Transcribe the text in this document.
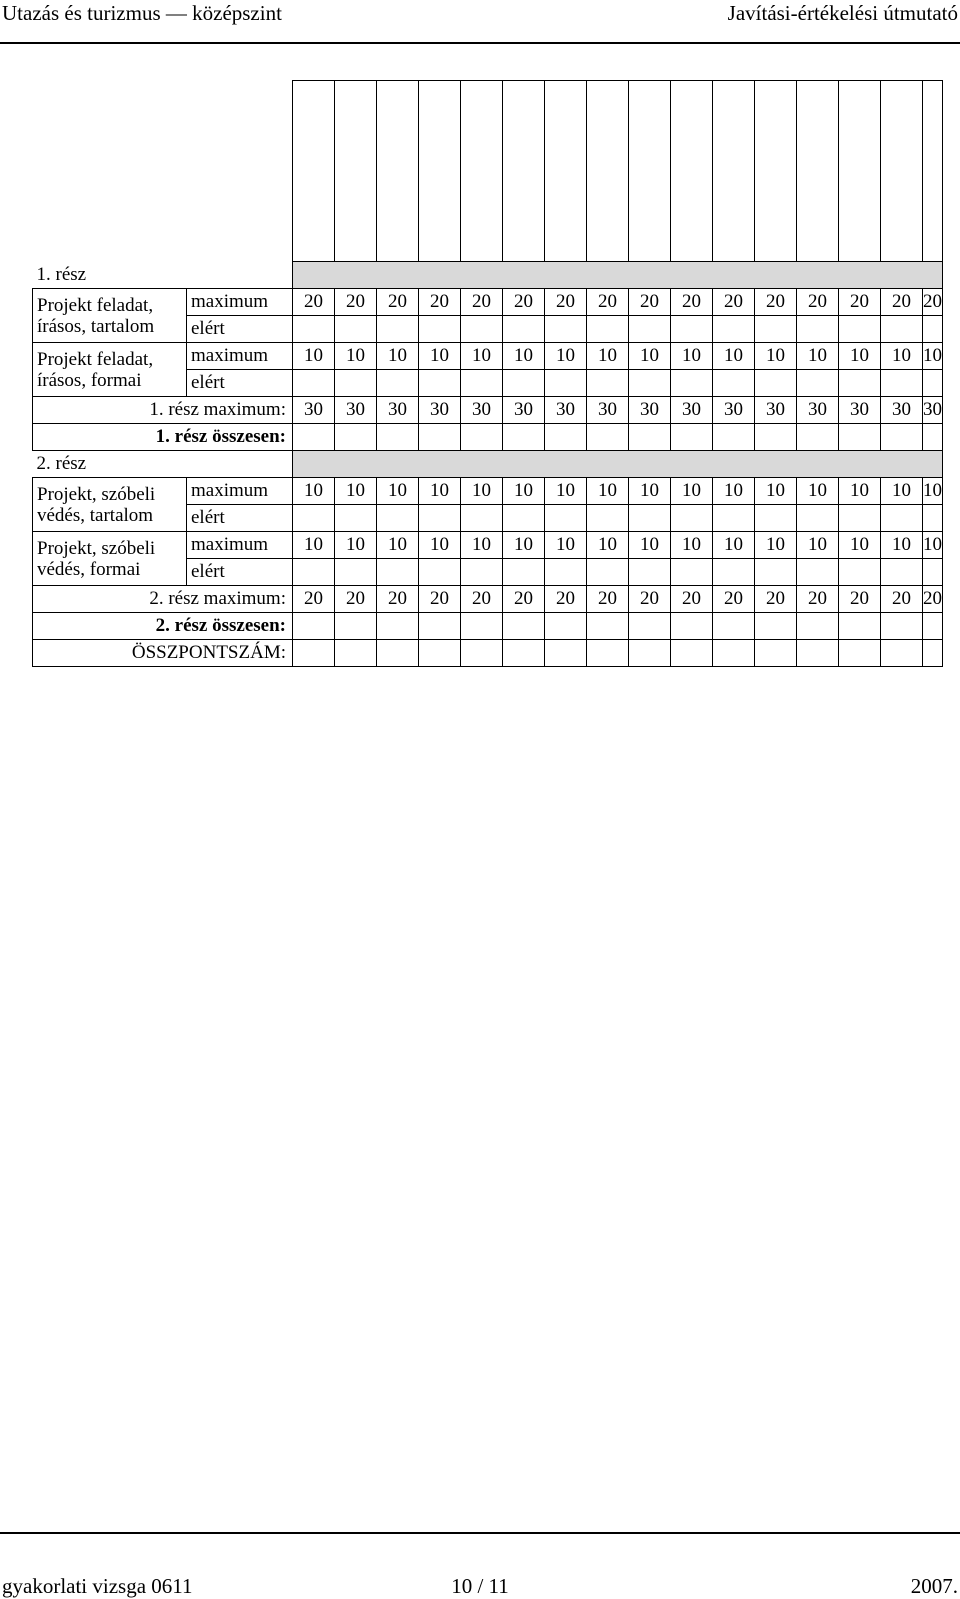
Utazás és turizmus — középszint	Javítási-értékelési útmutató

1. rész																	
Projekt feladat, írásos, tartalom	maximum	20	20	20	20	20	20	20	20	20	20	20	20	20	20	20	20
	elért																
Projekt feladat, írásos, formai	maximum	10	10	10	10	10	10	10	10	10	10	10	10	10	10	10	10
	elért																
1. rész maximum:		30	30	30	30	30	30	30	30	30	30	30	30	30	30	30	30
1. rész összesen:																	
2. rész																	
Projekt, szóbeli védés, tartalom	maximum	10	10	10	10	10	10	10	10	10	10	10	10	10	10	10	10
	elért																
Projekt, szóbeli védés, formai	maximum	10	10	10	10	10	10	10	10	10	10	10	10	10	10	10	10
	elért																
2. rész maximum:		20	20	20	20	20	20	20	20	20	20	20	20	20	20	20	20
2. rész összesen:																	
ÖSSZPONTSZÁM:																	
gyakorlati vizsga 0611	10 / 11	2007.
